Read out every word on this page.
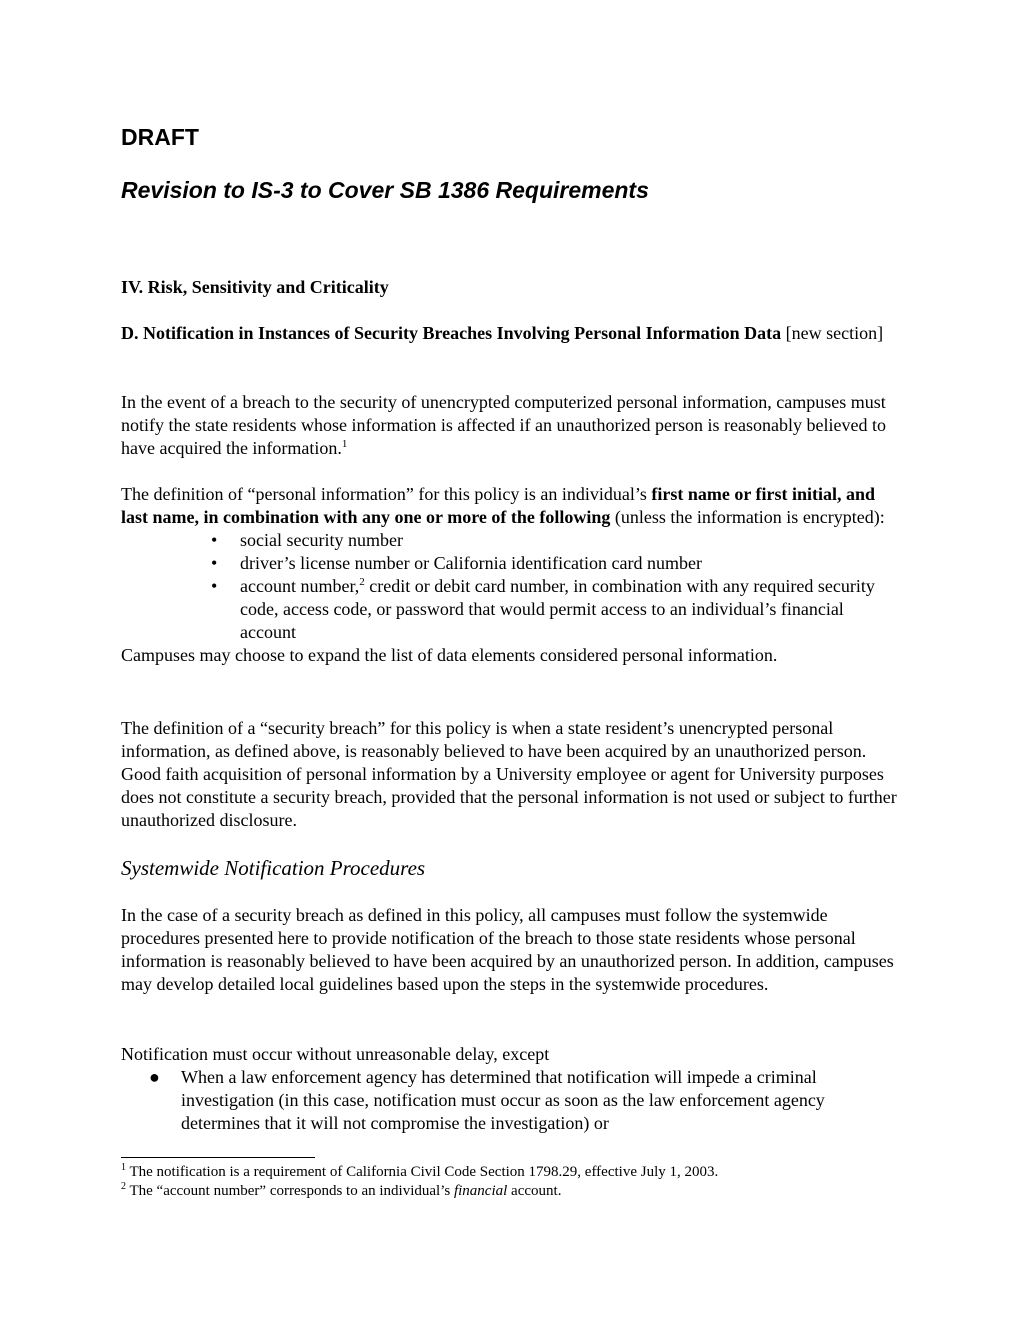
DRAFT
Revision to IS-3 to Cover SB 1386 Requirements
IV. Risk, Sensitivity and Criticality
D. Notification in Instances of Security Breaches Involving Personal Information Data [new section]
In the event of a breach to the security of unencrypted computerized personal information, campuses must notify the state residents whose information is affected if an unauthorized person is reasonably believed to have acquired the information.$^1$
The definition of “personal information” for this policy is an individual’s first name or first initial, and last name, in combination with any one or more of the following (unless the information is encrypted):
• social security number
• driver’s license number or California identification card number
• account number,$^2$ credit or debit card number, in combination with any required security code, access code, or password that would permit access to an individual’s financial account
Campuses may choose to expand the list of data elements considered personal information.
The definition of a “security breach” for this policy is when a state resident’s unencrypted personal information, as defined above, is reasonably believed to have been acquired by an unauthorized person. Good faith acquisition of personal information by a University employee or agent for University purposes does not constitute a security breach, provided that the personal information is not used or subject to further unauthorized disclosure.
Systemwide Notification Procedures
In the case of a security breach as defined in this policy, all campuses must follow the systemwide procedures presented here to provide notification of the breach to those state residents whose personal information is reasonably believed to have been acquired by an unauthorized person. In addition, campuses may develop detailed local guidelines based upon the steps in the systemwide procedures.
Notification must occur without unreasonable delay, except
● When a law enforcement agency has determined that notification will impede a criminal investigation (in this case, notification must occur as soon as the law enforcement agency determines that it will not compromise the investigation) or
$^1$ The notification is a requirement of California Civil Code Section 1798.29, effective July 1, 2003.
$^2$ The “account number” corresponds to an individual’s financial account.
